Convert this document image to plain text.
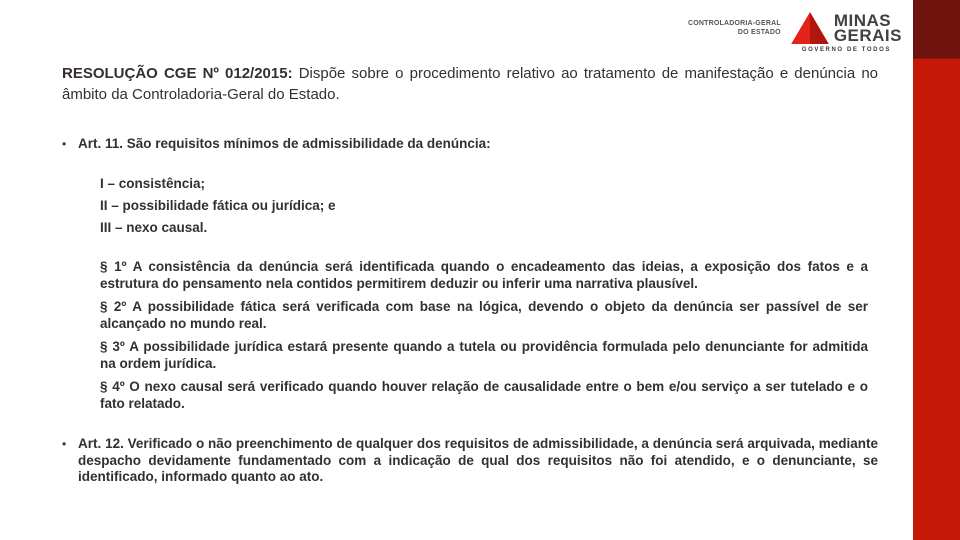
CONTROLADORIA-GERAL
DO ESTADO
MINAS
GERAIS
GOVERNO DE TODOS

RESOLUÇÃO CGE Nº 012/2015: Dispõe sobre o procedimento relativo ao tratamento de manifestação e denúncia no âmbito da Controladoria-Geral do Estado.

• Art. 11. São requisitos mínimos de admissibilidade da denúncia:

I – consistência;

II – possibilidade fática ou jurídica; e

III – nexo causal.

§ 1º A consistência da denúncia será identificada quando o encadeamento das ideias, a exposição dos fatos e a estrutura do pensamento nela contidos permitirem deduzir ou inferir uma narrativa plausível.

§ 2º A possibilidade fática será verificada com base na lógica, devendo o objeto da denúncia ser passível de ser alcançado no mundo real.

§ 3º A possibilidade jurídica estará presente quando a tutela ou providência formulada pelo denunciante for admitida na ordem jurídica.

§ 4º O nexo causal será verificado quando houver relação de causalidade entre o bem e/ou serviço a ser tutelado e o fato relatado.

• Art. 12. Verificado o não preenchimento de qualquer dos requisitos de admissibilidade, a denúncia será arquivada, mediante despacho devidamente fundamentado com a indicação de qual dos requisitos não foi atendido, e o denunciante, se identificado, informado quanto ao ato.
